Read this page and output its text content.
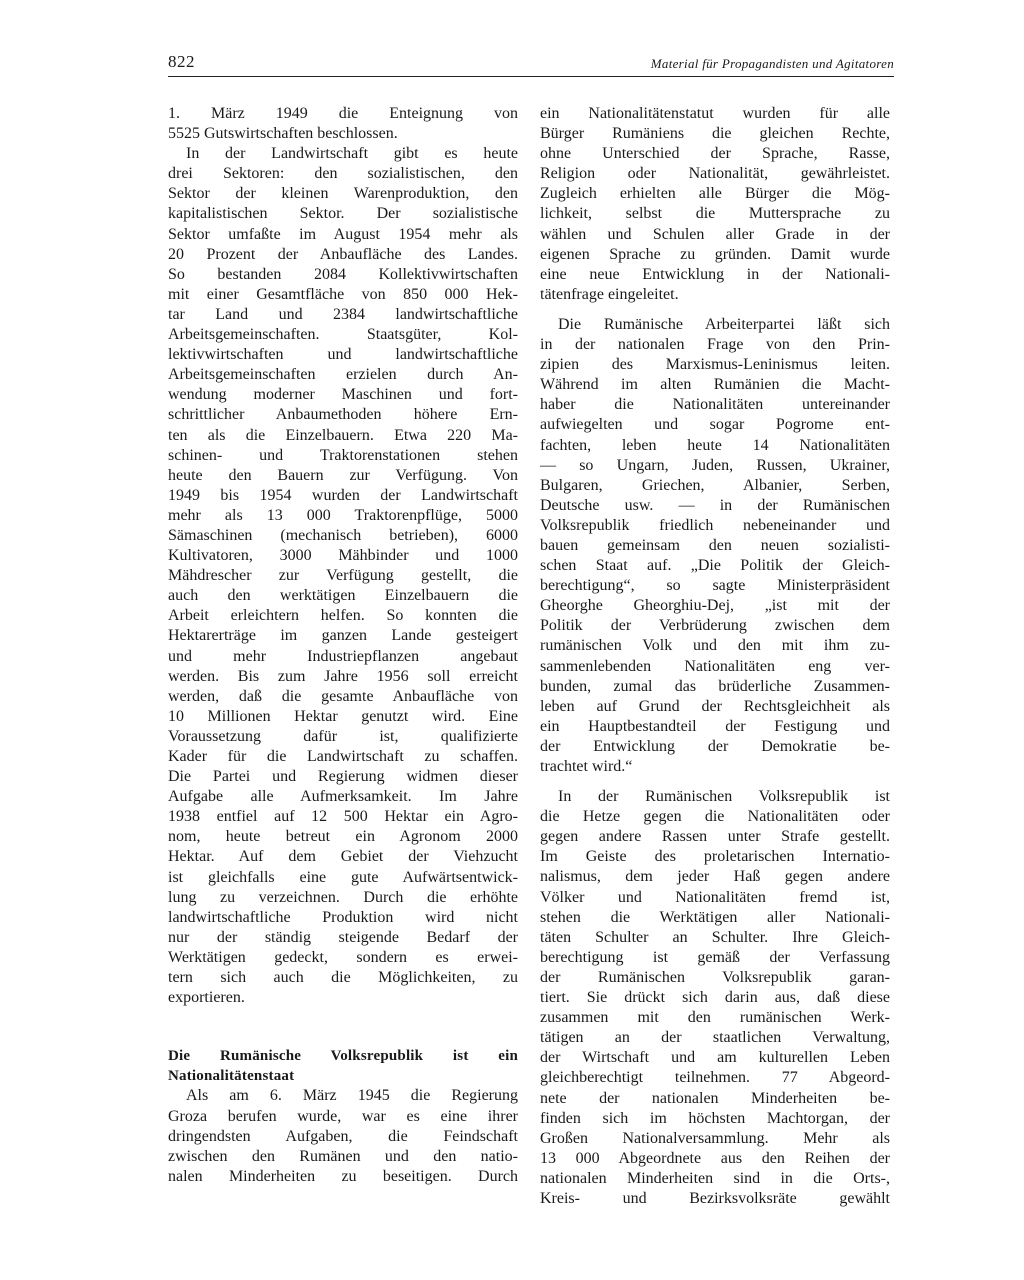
822	Material für Propagandisten und Agitatoren
1. März 1949 die Enteignung von
5525 Gutswirtschaften beschlossen.
In der Landwirtschaft gibt es heute
drei Sektoren: den sozialistischen, den
Sektor der kleinen Warenproduktion, den
kapitalistischen Sektor. Der sozialistische
Sektor umfaßte im August 1954 mehr als
20 Prozent der Anbaufläche des Landes.
So bestanden 2084 Kollektivwirtschaften
mit einer Gesamtfläche von 850 000 Hek-
tar Land und 2384 landwirtschaftliche
Arbeitsgemeinschaften. Staatsgüter, Kol-
lektivwirtschaften und landwirtschaftliche
Arbeitsgemeinschaften erzielen durch An-
wendung moderner Maschinen und fort-
schrittlicher Anbaumethoden höhere Ern-
ten als die Einzelbauern. Etwa 220 Ma-
schinen- und Traktorenstationen stehen
heute den Bauern zur Verfügung. Von
1949 bis 1954 wurden der Landwirtschaft
mehr als 13 000 Traktorenpflüge, 5000
Sämaschinen (mechanisch betrieben), 6000
Kultivatoren, 3000 Mähbinder und 1000
Mähdrescher zur Verfügung gestellt, die
auch den werktätigen Einzelbauern die
Arbeit erleichtern helfen. So konnten die
Hektarerträge im ganzen Lande gesteigert
und mehr Industriepflanzen angebaut
werden. Bis zum Jahre 1956 soll erreicht
werden, daß die gesamte Anbaufläche von
10 Millionen Hektar genutzt wird. Eine
Voraussetzung dafür ist, qualifizierte
Kader für die Landwirtschaft zu schaffen.
Die Partei und Regierung widmen dieser
Aufgabe alle Aufmerksamkeit. Im Jahre
1938 entfiel auf 12 500 Hektar ein Agro-
nom, heute betreut ein Agronom 2000
Hektar. Auf dem Gebiet der Viehzucht
ist gleichfalls eine gute Aufwärtsentwick-
lung zu verzeichnen. Durch die erhöhte
landwirtschaftliche Produktion wird nicht
nur der ständig steigende Bedarf der
Werktätigen gedeckt, sondern es erwei-
tern sich auch die Möglichkeiten, zu
exportieren.
Die Rumänische Volksrepublik ist ein
Nationalitätenstaat
Als am 6. März 1945 die Regierung
Groza berufen wurde, war es eine ihrer
dringendsten Aufgaben, die Feindschaft
zwischen den Rumänen und den natio-
nalen Minderheiten zu beseitigen. Durch
ein Nationalitätenstatut wurden für alle
Bürger Rumäniens die gleichen Rechte,
ohne Unterschied der Sprache, Rasse,
Religion oder Nationalität, gewährleistet.
Zugleich erhielten alle Bürger die Mög-
lichkeit, selbst die Muttersprache zu
wählen und Schulen aller Grade in der
eigenen Sprache zu gründen. Damit wurde
eine neue Entwicklung in der Nationali-
tätenfrage eingeleitet.
Die Rumänische Arbeiterpartei läßt sich
in der nationalen Frage von den Prin-
zipien des Marxismus-Leninismus leiten.
Während im alten Rumänien die Macht-
haber die Nationalitäten untereinander
aufwiegelten und sogar Pogrome ent-
fachten, leben heute 14 Nationalitäten
— so Ungarn, Juden, Russen, Ukrainer,
Bulgaren, Griechen, Albanier, Serben,
Deutsche usw. — in der Rumänischen
Volksrepublik friedlich nebeneinander und
bauen gemeinsam den neuen sozialisti-
schen Staat auf. „Die Politik der Gleich-
berechtigung“, so sagte Ministerpräsident
Gheorghe Gheorghiu-Dej, „ist mit der
Politik der Verbrüderung zwischen dem
rumänischen Volk und den mit ihm zu-
sammenlebenden Nationalitäten eng ver-
bunden, zumal das brüderliche Zusammen-
leben auf Grund der Rechtsgleichheit als
ein Hauptbestandteil der Festigung und
der Entwicklung der Demokratie be-
trachtet wird.“
In der Rumänischen Volksrepublik ist
die Hetze gegen die Nationalitäten oder
gegen andere Rassen unter Strafe gestellt.
Im Geiste des proletarischen Internatio-
nalismus, dem jeder Haß gegen andere
Völker und Nationalitäten fremd ist,
stehen die Werktätigen aller Nationali-
täten Schulter an Schulter. Ihre Gleich-
berechtigung ist gemäß der Verfassung
der Rumänischen Volksrepublik garan-
tiert. Sie drückt sich darin aus, daß diese
zusammen mit den rumänischen Werk-
tätigen an der staatlichen Verwaltung,
der Wirtschaft und am kulturellen Leben
gleichberechtigt teilnehmen. 77 Abgeord-
nete der nationalen Minderheiten be-
finden sich im höchsten Machtorgan, der
Großen Nationalversammlung. Mehr als
13 000 Abgeordnete aus den Reihen der
nationalen Minderheiten sind in die Orts-,
Kreis- und Bezirksvolksräte gewählt
